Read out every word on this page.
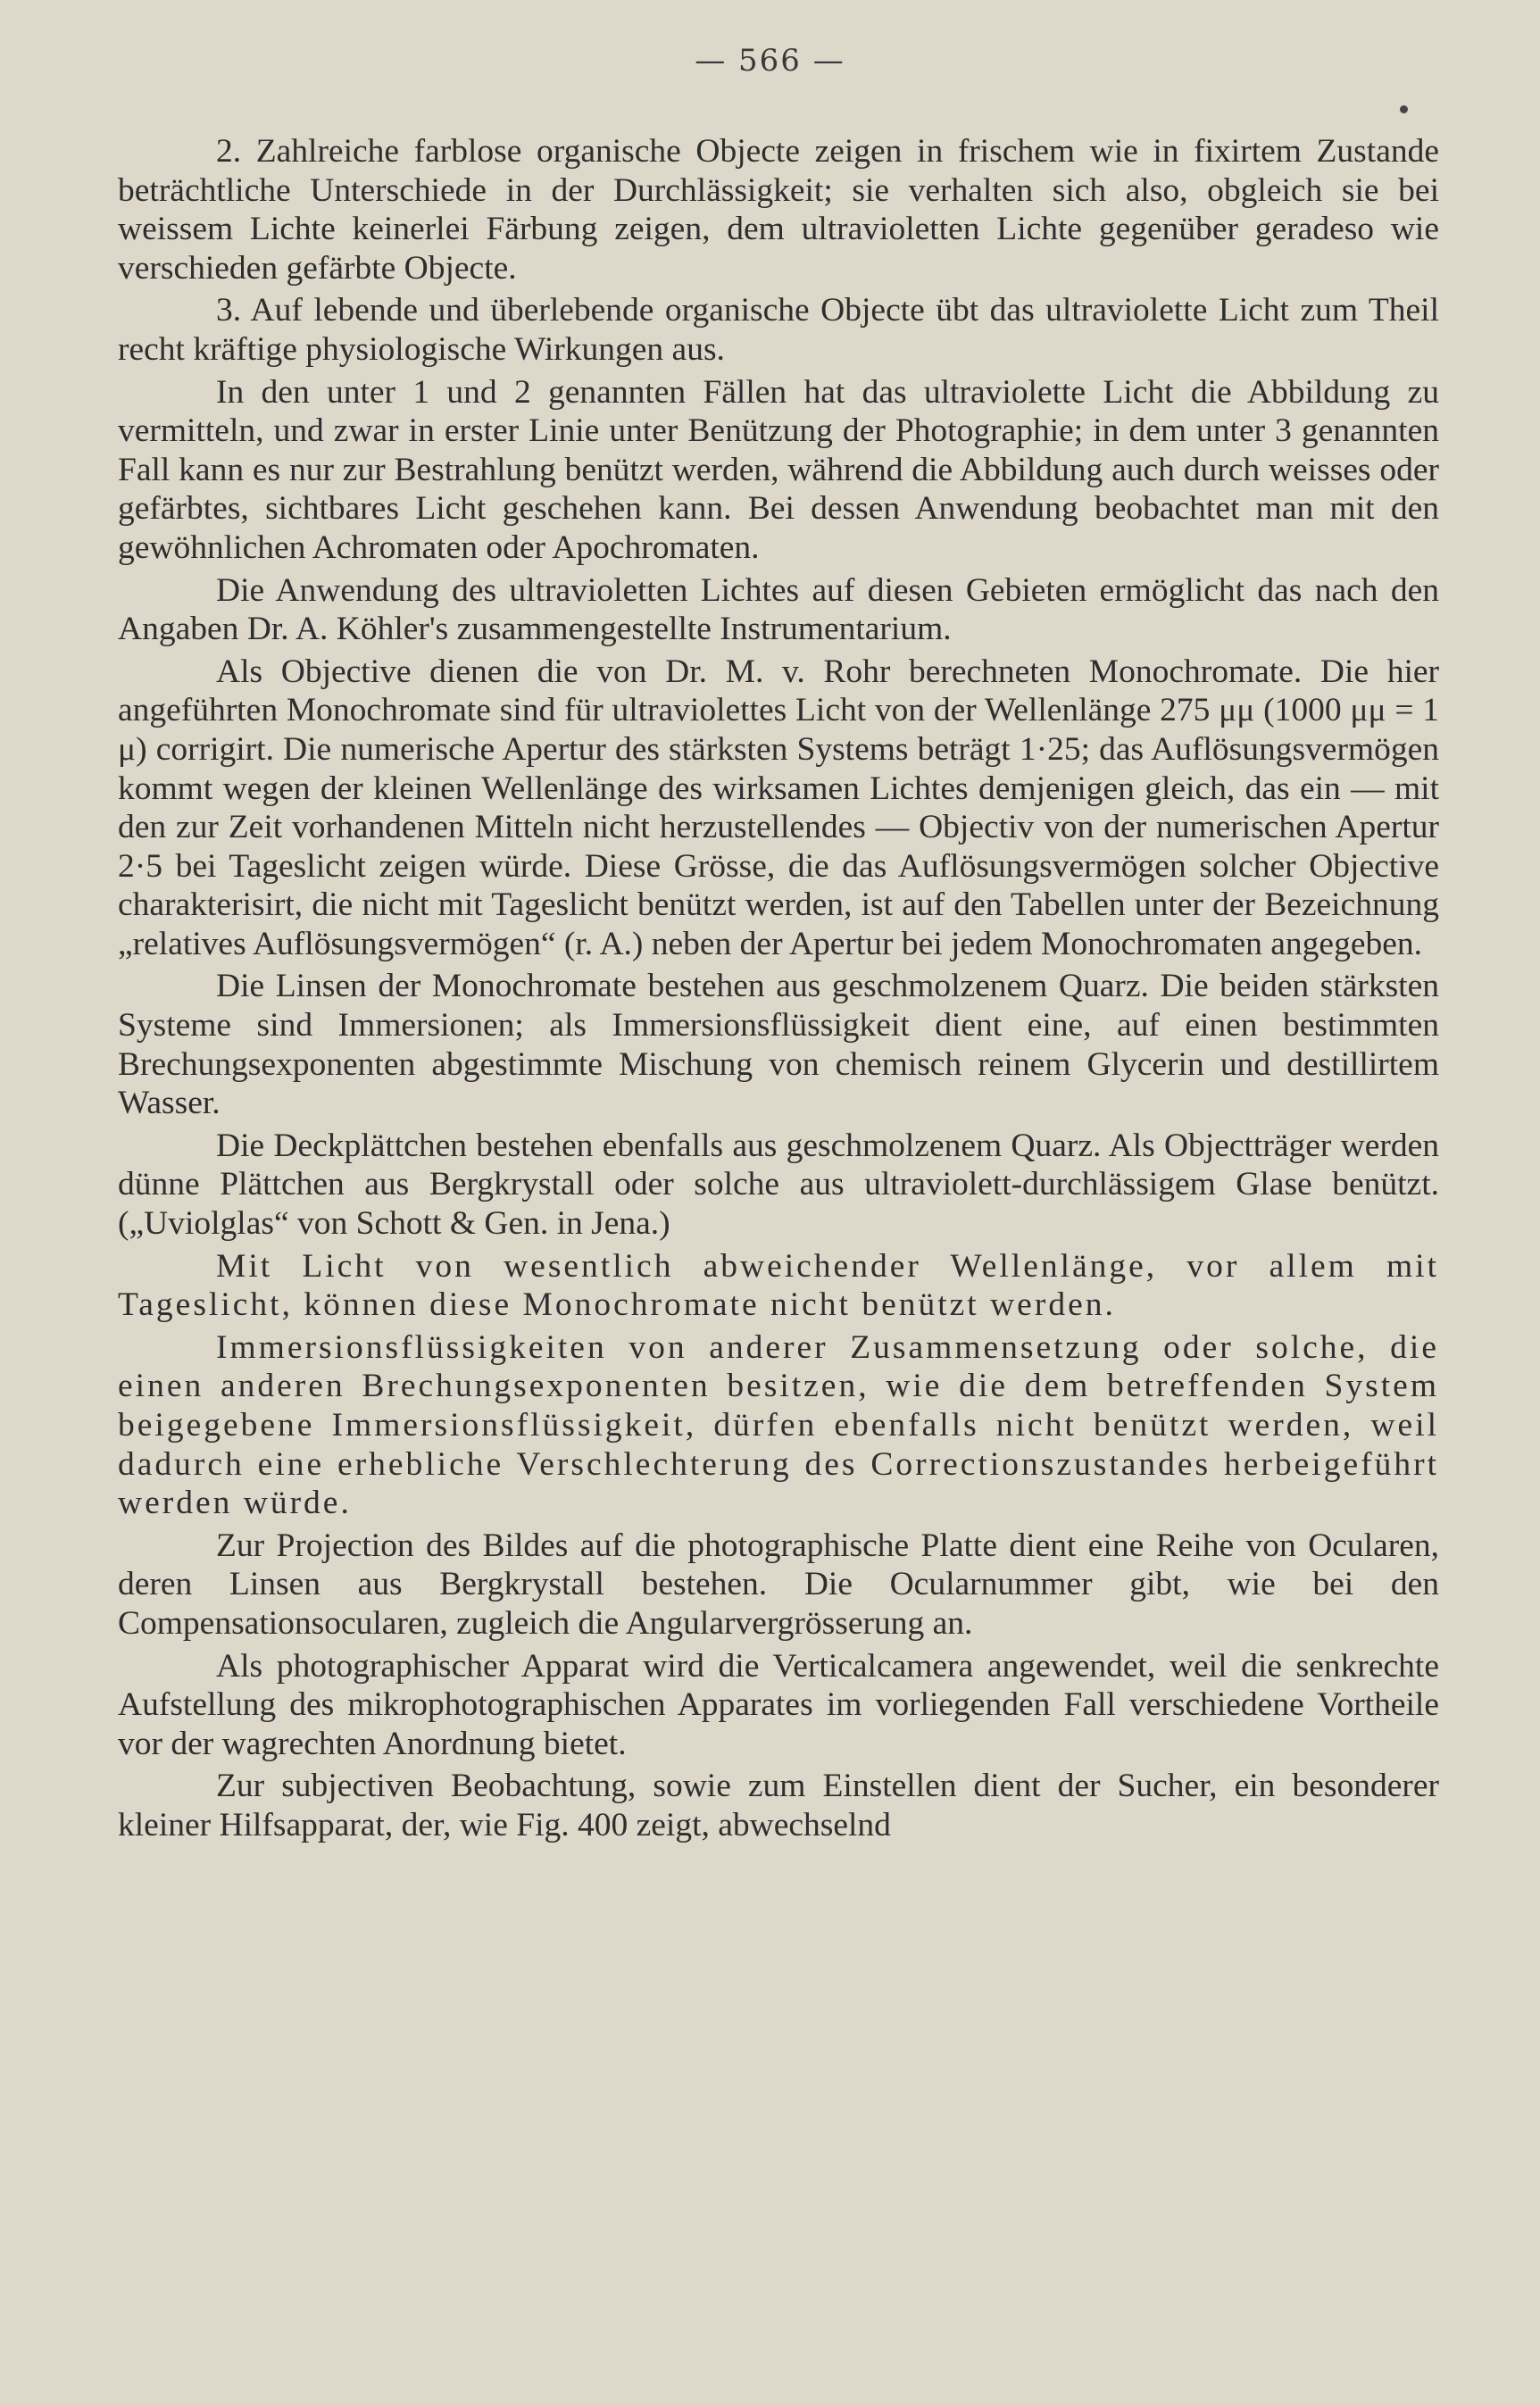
— 566 —

2. Zahlreiche farblose organische Objecte zeigen in frischem wie in fixirtem Zustande beträchtliche Unterschiede in der Durchlässigkeit; sie verhalten sich also, obgleich sie bei weissem Lichte keinerlei Färbung zeigen, dem ultravioletten Lichte gegenüber geradeso wie verschieden gefärbte Objecte.

3. Auf lebende und überlebende organische Objecte übt das ultraviolette Licht zum Theil recht kräftige physiologische Wirkungen aus.

In den unter 1 und 2 genannten Fällen hat das ultraviolette Licht die Abbildung zu vermitteln, und zwar in erster Linie unter Benützung der Photographie; in dem unter 3 genannten Fall kann es nur zur Bestrahlung benützt werden, während die Abbildung auch durch weisses oder gefärbtes, sichtbares Licht geschehen kann. Bei dessen Anwendung beobachtet man mit den gewöhnlichen Achromaten oder Apochromaten.

Die Anwendung des ultravioletten Lichtes auf diesen Gebieten ermöglicht das nach den Angaben Dr. A. Köhler's zusammengestellte Instrumentarium.

Als Objective dienen die von Dr. M. v. Rohr berechneten Monochromate. Die hier angeführten Monochromate sind für ultraviolettes Licht von der Wellenlänge 275 μμ (1000 μμ = 1 μ) corrigirt. Die numerische Apertur des stärksten Systems beträgt 1·25; das Auflösungsvermögen kommt wegen der kleinen Wellenlänge des wirksamen Lichtes demjenigen gleich, das ein — mit den zur Zeit vorhandenen Mitteln nicht herzustellendes — Objectiv von der numerischen Apertur 2·5 bei Tageslicht zeigen würde. Diese Grösse, die das Auflösungsvermögen solcher Objective charakterisirt, die nicht mit Tageslicht benützt werden, ist auf den Tabellen unter der Bezeichnung „relatives Auflösungsvermögen“ (r. A.) neben der Apertur bei jedem Monochromaten angegeben.

Die Linsen der Monochromate bestehen aus geschmolzenem Quarz. Die beiden stärksten Systeme sind Immersionen; als Immersionsflüssigkeit dient eine, auf einen bestimmten Brechungsexponenten abgestimmte Mischung von chemisch reinem Glycerin und destillirtem Wasser.

Die Deckplättchen bestehen ebenfalls aus geschmolzenem Quarz. Als Objectträger werden dünne Plättchen aus Bergkrystall oder solche aus ultraviolett-durchlässigem Glase benützt. („Uviolglas“ von Schott & Gen. in Jena.)

Mit Licht von wesentlich abweichender Wellenlänge, vor allem mit Tageslicht, können diese Monochromate nicht benützt werden.

Immersionsflüssigkeiten von anderer Zusammensetzung oder solche, die einen anderen Brechungsexponenten besitzen, wie die dem betreffenden System beigegebene Immersionsflüssigkeit, dürfen ebenfalls nicht benützt werden, weil dadurch eine erhebliche Verschlechterung des Correctionszustandes herbeigeführt werden würde.

Zur Projection des Bildes auf die photographische Platte dient eine Reihe von Ocularen, deren Linsen aus Bergkrystall bestehen. Die Ocularnummer gibt, wie bei den Compensationsocularen, zugleich die Angularvergrösserung an.

Als photographischer Apparat wird die Verticalcamera angewendet, weil die senkrechte Aufstellung des mikrophotographischen Apparates im vorliegenden Fall verschiedene Vortheile vor der wagrechten Anordnung bietet.

Zur subjectiven Beobachtung, sowie zum Einstellen dient der Sucher, ein besonderer kleiner Hilfsapparat, der, wie Fig. 400 zeigt, abwechselnd
